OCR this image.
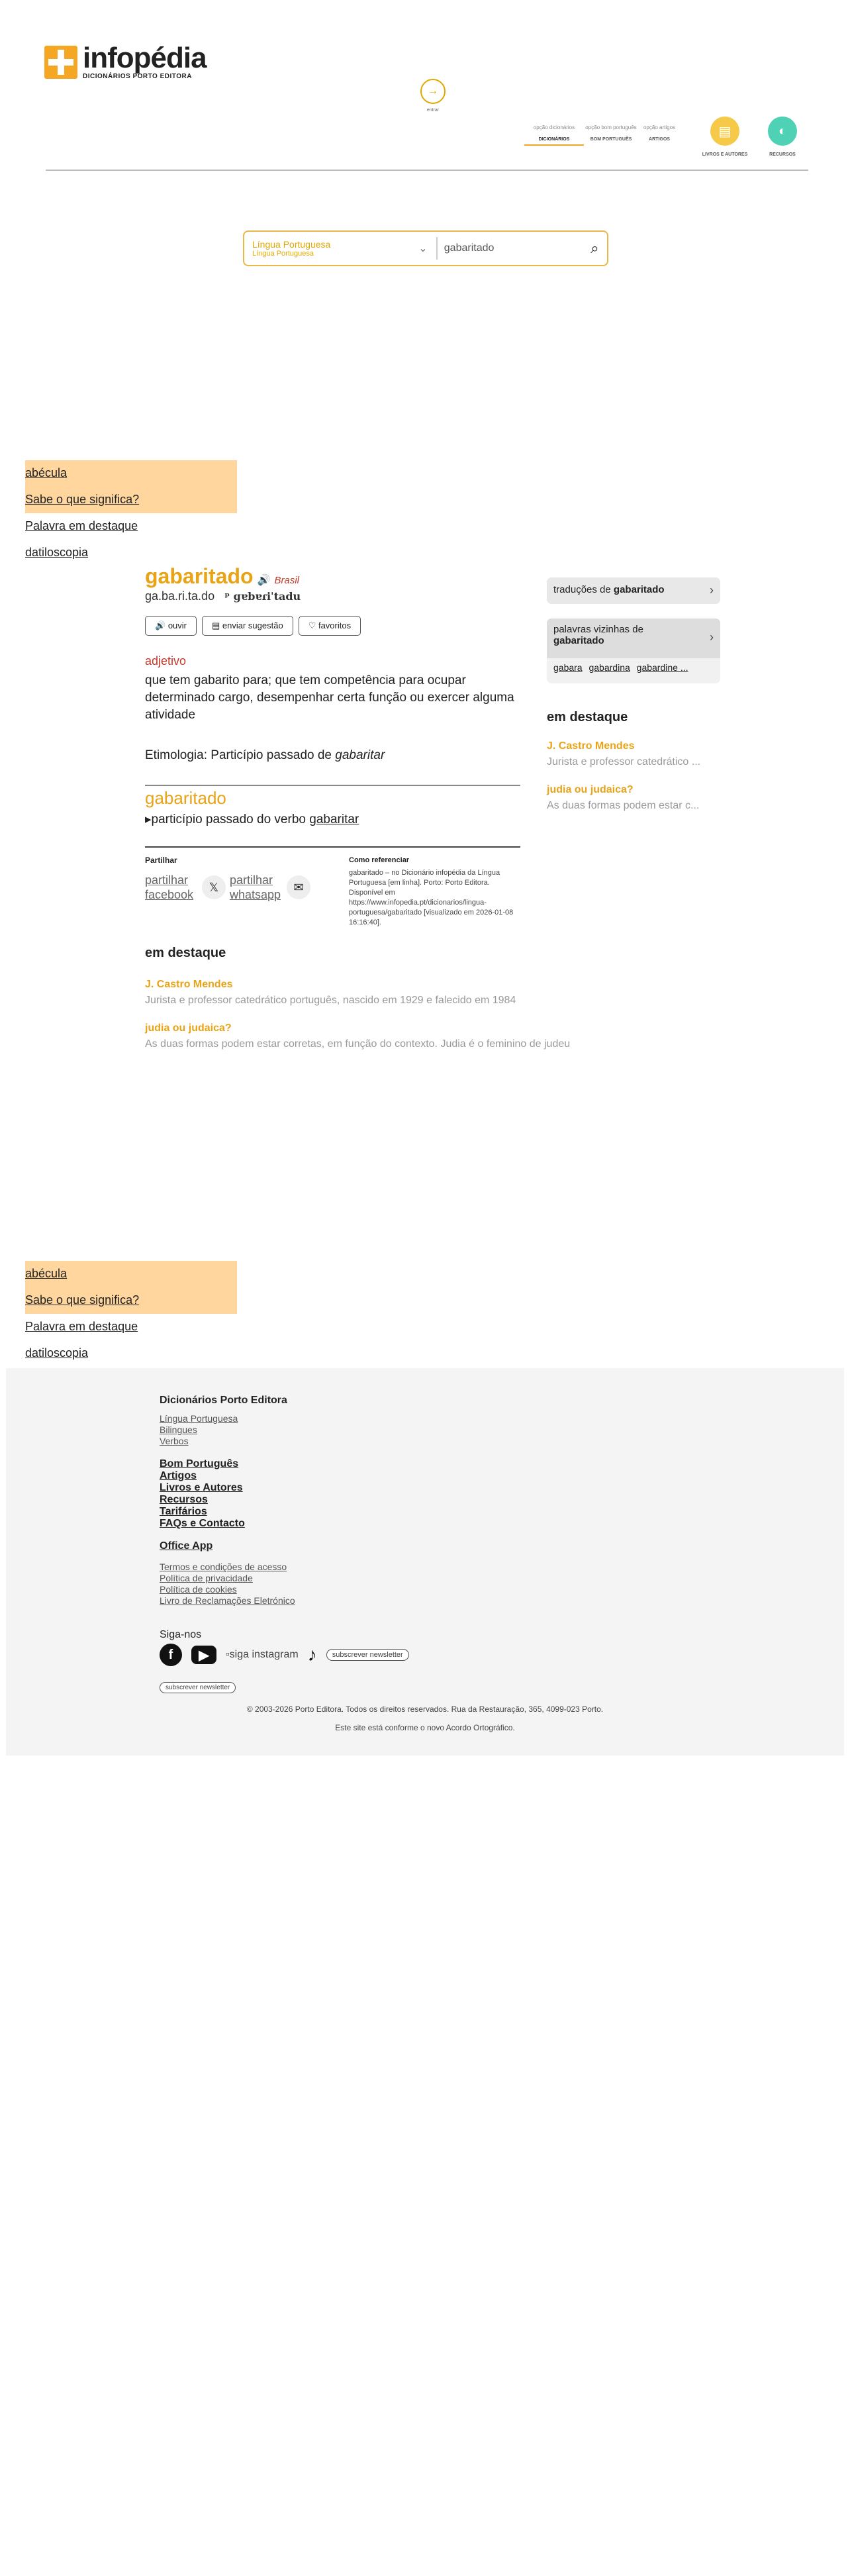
infopédia
DICIONÁRIOS PORTO EDITORA
→
entrar
opção dicionários
DICIONÁRIOS
opção bom português
BOM PORTUGUÊS
opção artigos
ARTIGOS
▤
LIVROS E AUTORES
◐
RECURSOS
Língua Portuguesa
Língua Portuguesa	⌄
gabaritado	⌕
abécula
Sabe o que significa?
Palavra em destaque
datiloscopia
gabaritado 🔊 Brasil
ga.ba.ri.ta.do ᵖ gɐbɐɾiˈtadu
🔊 ouvir	▤ enviar sugestão	♡ favoritos
adjetivo
que tem gabarito para; que tem competência para ocupar determinado cargo, desempenhar certa função ou exercer alguma atividade
Etimologia: Particípio passado de gabaritar
gabaritado
▸particípio passado do verbo gabaritar
Partilhar
partilhar facebook
𝕏
partilhar whatsapp
✉
Como referenciar
gabaritado – no Dicionário infopédia da Língua Portuguesa [em linha]. Porto: Porto Editora. Disponível em https://www.infopedia.pt/dicionarios/lingua-portuguesa/gabaritado [visualizado em 2026-01-08 16:16:40].
em destaque
J. Castro Mendes
Jurista e professor catedrático português, nascido em 1929 e falecido em 1984
judia ou judaica?
As duas formas podem estar corretas, em função do contexto. Judia é o feminino de judeu
traduções de gabaritado	›
palavras vizinhas de
gabaritado	›
gabara gabardina gabardine ...
em destaque
J. Castro Mendes
Jurista e professor catedrático ...
judia ou judaica?
As duas formas podem estar c...
abécula
Sabe o que significa?
Palavra em destaque
datiloscopia
Dicionários Porto Editora
Língua Portuguesa
Bilingues
Verbos
Bom Português
Artigos
Livros e Autores
Recursos
Tarifários
FAQs e Contacto
Office App
Termos e condições de acesso
Política de privacidade
Política de cookies
Livro de Reclamações Eletrónico
Siga-nos
f	▶	▫siga instagram ♪	subscrever newsletter
subscrever newsletter
© 2003-2026 Porto Editora. Todos os direitos reservados. Rua da Restauração, 365, 4099-023 Porto.
Este site está conforme o novo Acordo Ortográfico.
